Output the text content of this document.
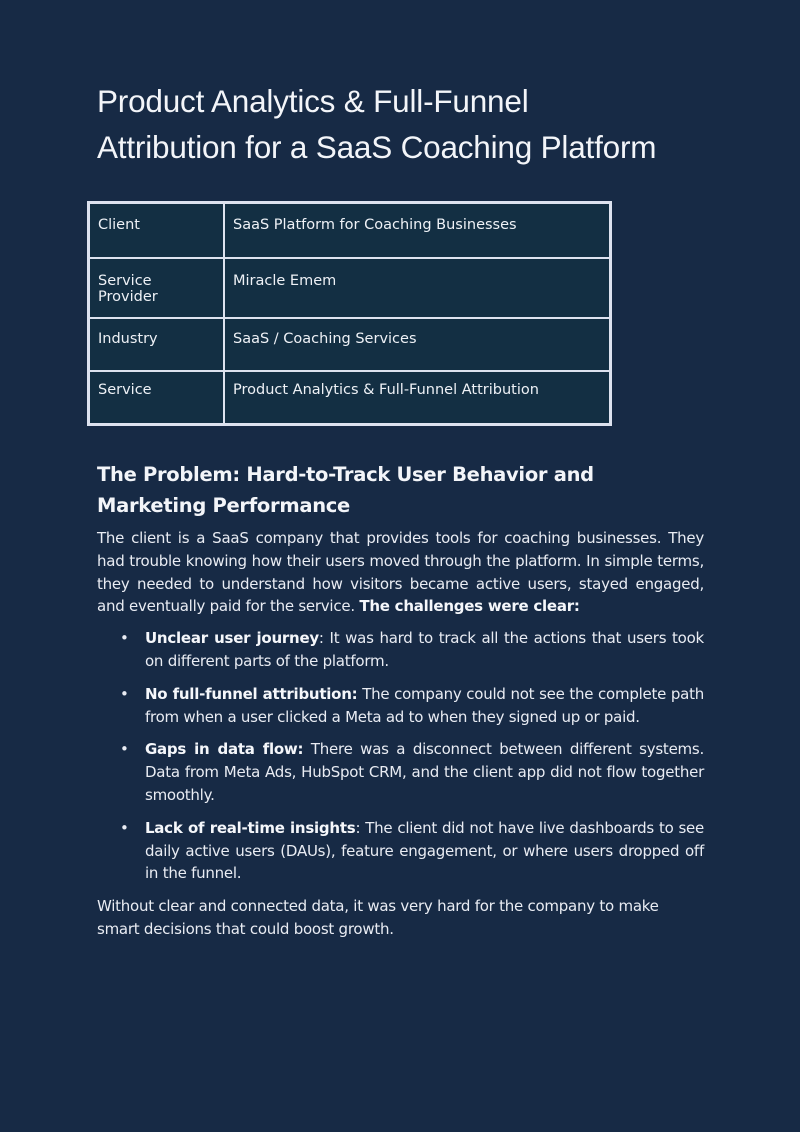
Product Analytics & Full-Funnel
Attribution for a SaaS Coaching Platform
Client	SaaS Platform for Coaching Businesses
Service Provider	Miracle Emem
Industry	SaaS / Coaching Services
Service	Product Analytics & Full-Funnel Attribution
The Problem: Hard-to-Track User Behavior and Marketing Performance

The client is a SaaS company that provides tools for coaching businesses. They had trouble knowing how their users moved through the platform. In simple terms, they needed to understand how visitors became active users, stayed engaged, and eventually paid for the service. The challenges were clear:

• Unclear user journey: It was hard to track all the actions that users took on different parts of the platform.
• No full-funnel attribution: The company could not see the complete path from when a user clicked a Meta ad to when they signed up or paid.
• Gaps in data flow: There was a disconnect between different systems. Data from Meta Ads, HubSpot CRM, and the client app did not flow together smoothly.
• Lack of real-time insights: The client did not have live dashboards to see daily active users (DAUs), feature engagement, or where users dropped off in the funnel.

Without clear and connected data, it was very hard for the company to make smart decisions that could boost growth.
